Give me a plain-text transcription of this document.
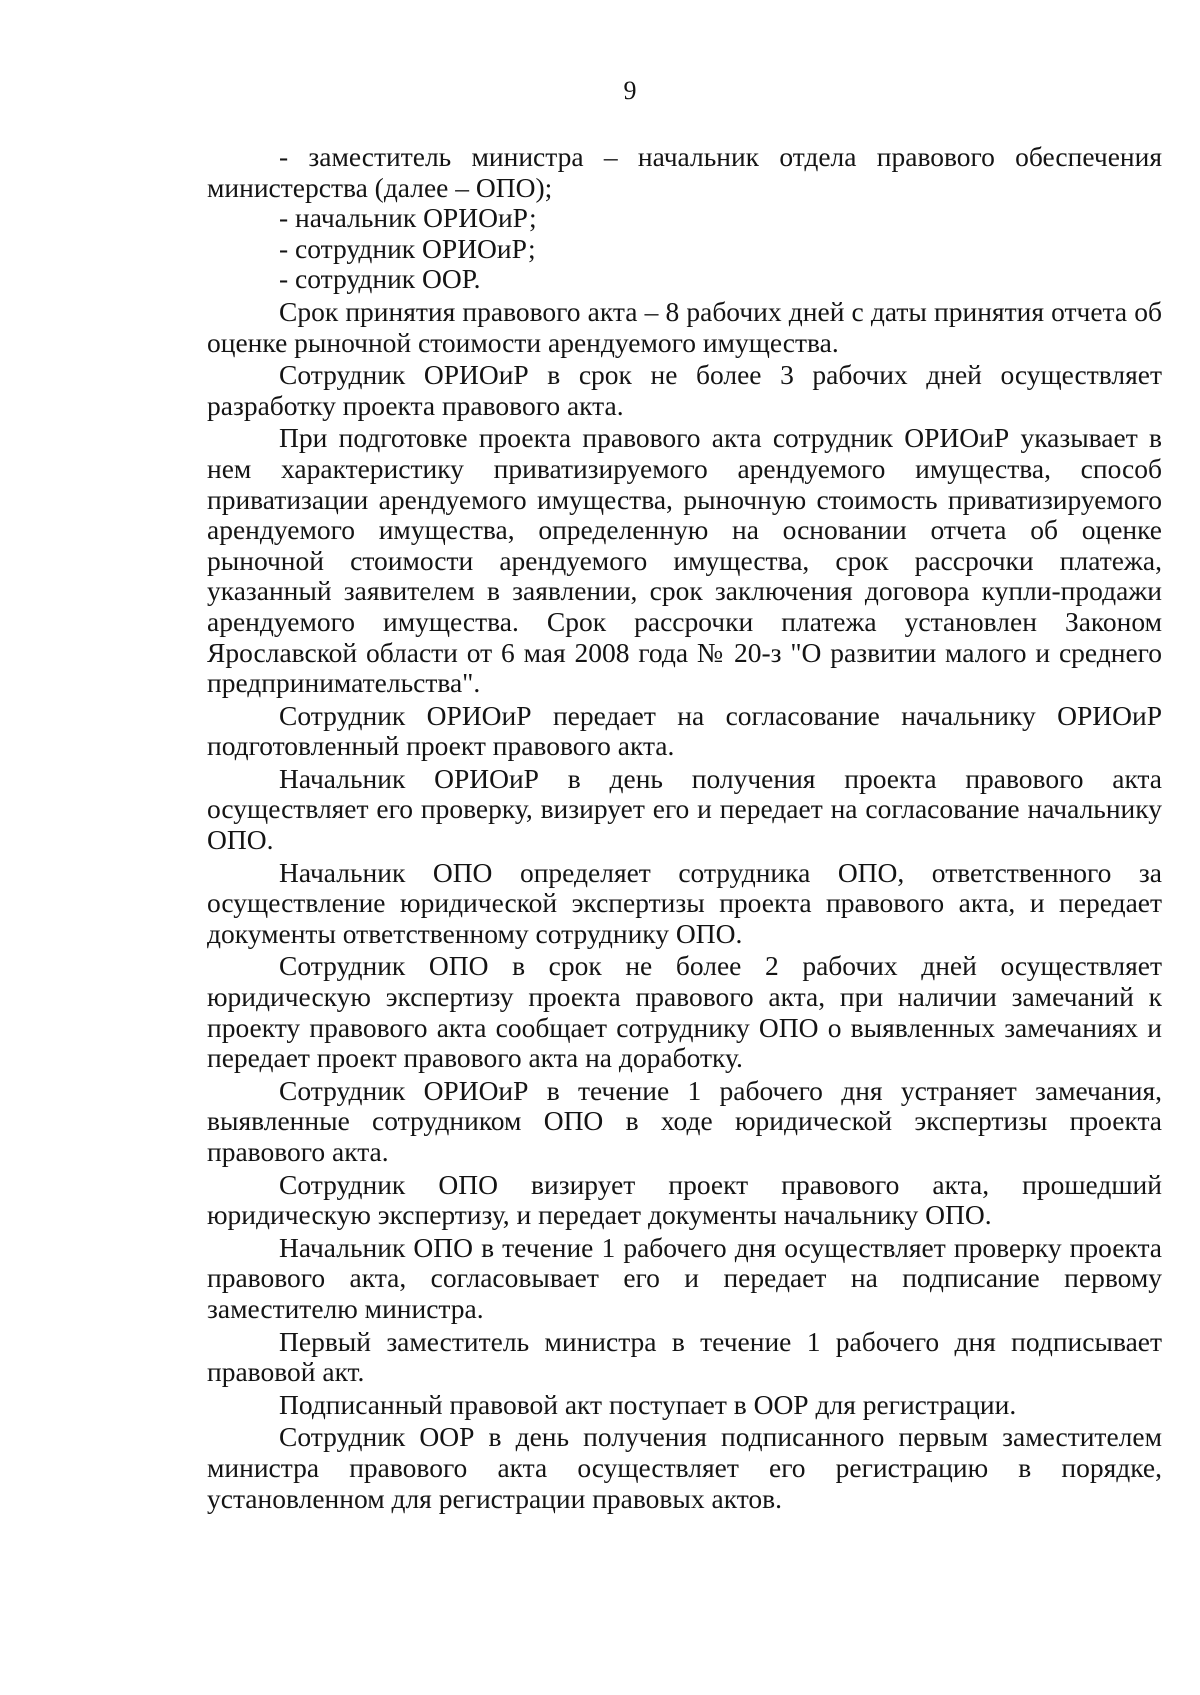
9

- заместитель министра – начальник отдела правового обеспечения министерства (далее – ОПО);

- начальник ОРИОиР;

- сотрудник ОРИОиР;

- сотрудник ООР.

Срок принятия правового акта – 8 рабочих дней с даты принятия отчета об оценке рыночной стоимости арендуемого имущества.

Сотрудник ОРИОиР в срок не более 3 рабочих дней осуществляет разработку проекта правового акта.

При подготовке проекта правового акта сотрудник ОРИОиР указывает в нем характеристику приватизируемого арендуемого имущества, способ приватизации арендуемого имущества, рыночную стоимость приватизируемого арендуемого имущества, определенную на основании отчета об оценке рыночной стоимости арендуемого имущества, срок рассрочки платежа, указанный заявителем в заявлении, срок заключения договора купли-продажи арендуемого имущества. Срок рассрочки платежа установлен Законом Ярославской области от 6 мая 2008 года № 20-з "О развитии малого и среднего предпринимательства".

Сотрудник ОРИОиР передает на согласование начальнику ОРИОиР подготовленный проект правового акта.

Начальник ОРИОиР в день получения проекта правового акта осуществляет его проверку, визирует его и передает на согласование начальнику ОПО.

Начальник ОПО определяет сотрудника ОПО, ответственного за осуществление юридической экспертизы проекта правового акта, и передает документы ответственному сотруднику ОПО.

Сотрудник ОПО в срок не более 2 рабочих дней осуществляет юридическую экспертизу проекта правового акта, при наличии замечаний к проекту правового акта сообщает сотруднику ОПО о выявленных замечаниях и передает проект правового акта на доработку.

Сотрудник ОРИОиР в течение 1 рабочего дня устраняет замечания, выявленные сотрудником ОПО в ходе юридической экспертизы проекта правового акта.

Сотрудник ОПО визирует проект правового акта, прошедший юридическую экспертизу, и передает документы начальнику ОПО.

Начальник ОПО в течение 1 рабочего дня осуществляет проверку проекта правового акта, согласовывает его и передает на подписание первому заместителю министра.

Первый заместитель министра в течение 1 рабочего дня подписывает правовой акт.

Подписанный правовой акт поступает в ООР для регистрации.

Сотрудник ООР в день получения подписанного первым заместителем министра правового акта осуществляет его регистрацию в порядке, установленном для регистрации правовых актов.
